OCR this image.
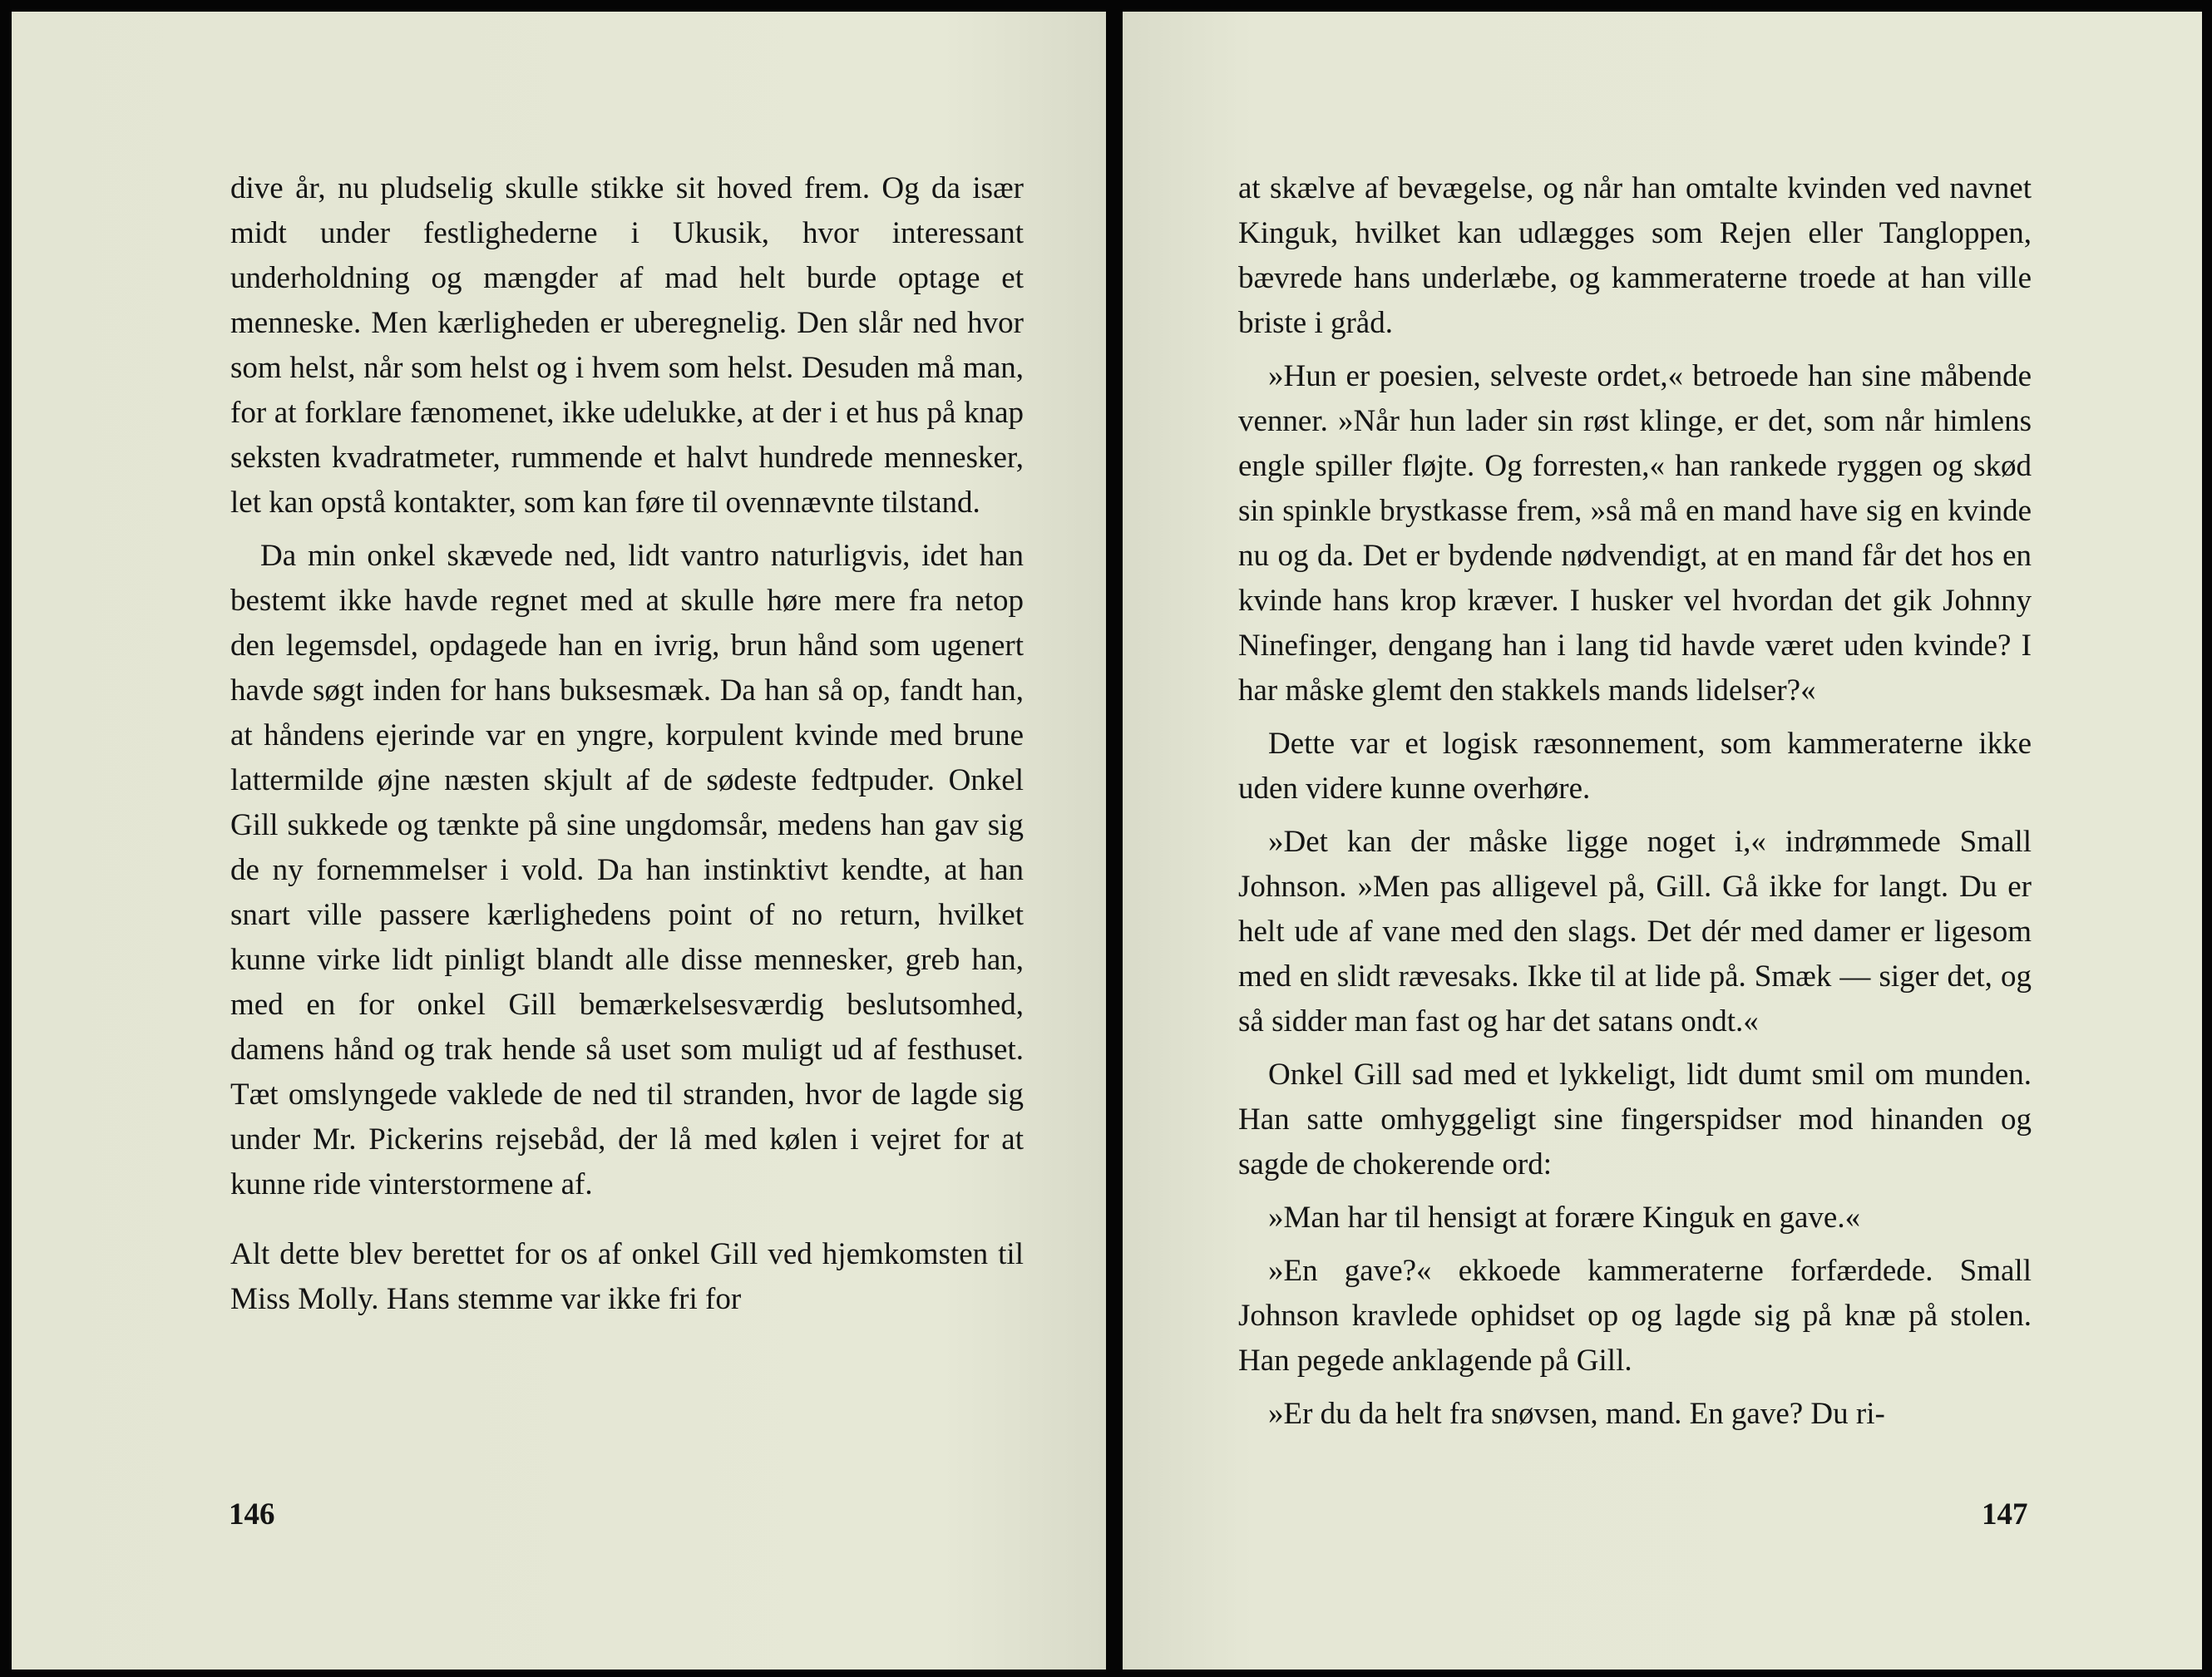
dive år, nu pludselig skulle stikke sit hoved frem. Og da især midt under festlighederne i Ukusik, hvor interessant underholdning og mængder af mad helt burde optage et menneske. Men kærligheden er uberegnelig. Den slår ned hvor som helst, når som helst og i hvem som helst. Desuden må man, for at forklare fænomenet, ikke udelukke, at der i et hus på knap seksten kvadratmeter, rummende et halvt hundrede mennesker, let kan opstå kontakter, som kan føre til ovennævnte tilstand.

Da min onkel skævede ned, lidt vantro naturligvis, idet han bestemt ikke havde regnet med at skulle høre mere fra netop den legemsdel, opdagede han en ivrig, brun hånd som ugenert havde søgt inden for hans buksesmæk. Da han så op, fandt han, at håndens ejerinde var en yngre, korpulent kvinde med brune lattermilde øjne næsten skjult af de sødeste fedtpuder. Onkel Gill sukkede og tænkte på sine ungdomsår, medens han gav sig de ny fornemmelser i vold. Da han instinktivt kendte, at han snart ville passere kærlighedens point of no return, hvilket kunne virke lidt pinligt blandt alle disse mennesker, greb han, med en for onkel Gill bemærkelsesværdig beslutsomhed, damens hånd og trak hende så uset som muligt ud af festhuset. Tæt omslyngede vaklede de ned til stranden, hvor de lagde sig under Mr. Pickerins rejsebåd, der lå med kølen i vejret for at kunne ride vinterstormene af.

Alt dette blev berettet for os af onkel Gill ved hjemkomsten til Miss Molly. Hans stemme var ikke fri for

146

at skælve af bevægelse, og når han omtalte kvinden ved navnet Kinguk, hvilket kan udlægges som Rejen eller Tangloppen, bævrede hans underlæbe, og kammeraterne troede at han ville briste i gråd.

»Hun er poesien, selveste ordet,« betroede han sine måbende venner. »Når hun lader sin røst klinge, er det, som når himlens engle spiller fløjte. Og forresten,« han rankede ryggen og skød sin spinkle brystkasse frem, »så må en mand have sig en kvinde nu og da. Det er bydende nødvendigt, at en mand får det hos en kvinde hans krop kræver. I husker vel hvordan det gik Johnny Ninefinger, dengang han i lang tid havde været uden kvinde? I har måske glemt den stakkels mands lidelser?«

Dette var et logisk ræsonnement, som kammeraterne ikke uden videre kunne overhøre.

»Det kan der måske ligge noget i,« indrømmede Small Johnson. »Men pas alligevel på, Gill. Gå ikke for langt. Du er helt ude af vane med den slags. Det dér med damer er ligesom med en slidt rævesaks. Ikke til at lide på. Smæk — siger det, og så sidder man fast og har det satans ondt.«

Onkel Gill sad med et lykkeligt, lidt dumt smil om munden. Han satte omhyggeligt sine fingerspidser mod hinanden og sagde de chokerende ord:

»Man har til hensigt at forære Kinguk en gave.«

»En gave?« ekkoede kammeraterne forfærdede. Small Johnson kravlede ophidset op og lagde sig på knæ på stolen. Han pegede anklagende på Gill.

»Er du da helt fra snøvsen, mand. En gave? Du ri-

147
